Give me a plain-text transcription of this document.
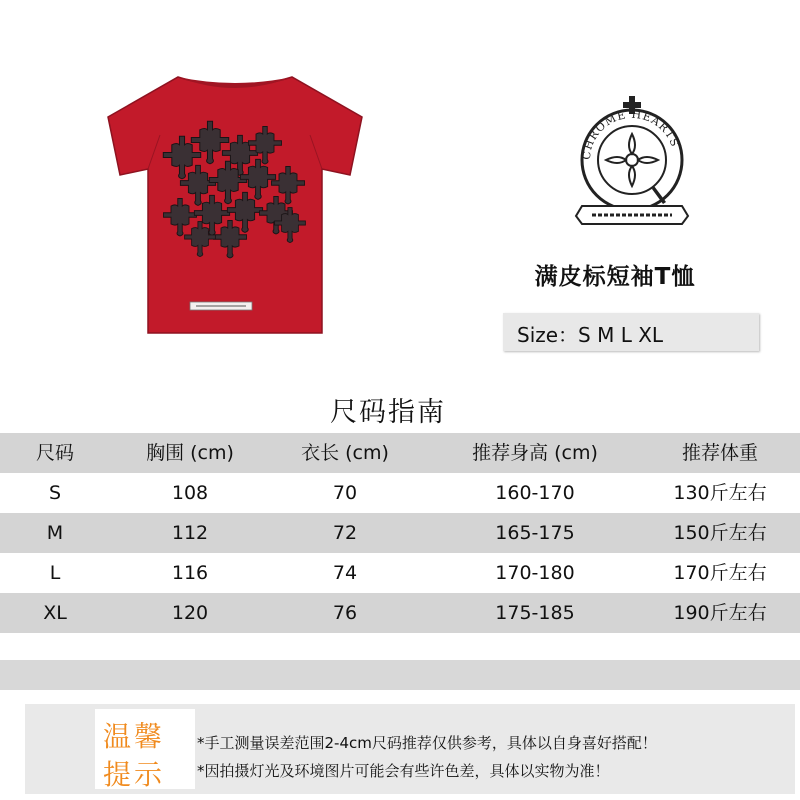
CHROME HEARTS
满皮标短袖T恤
Size：S M L XL
尺码指南
尺码	胸围 (cm)	衣长 (cm)	推荐身高 (cm)	推荐体重
S	108	70	160-170	130斤左右
M	112	72	165-175	150斤左右
L	116	74	170-180	170斤左右
XL	120	76	175-185	190斤左右
温馨
提示
*手工测量误差范围2-4cm尺码推荐仅供参考，具体以自身喜好搭配！
*因拍摄灯光及环境图片可能会有些许色差，具体以实物为准！
